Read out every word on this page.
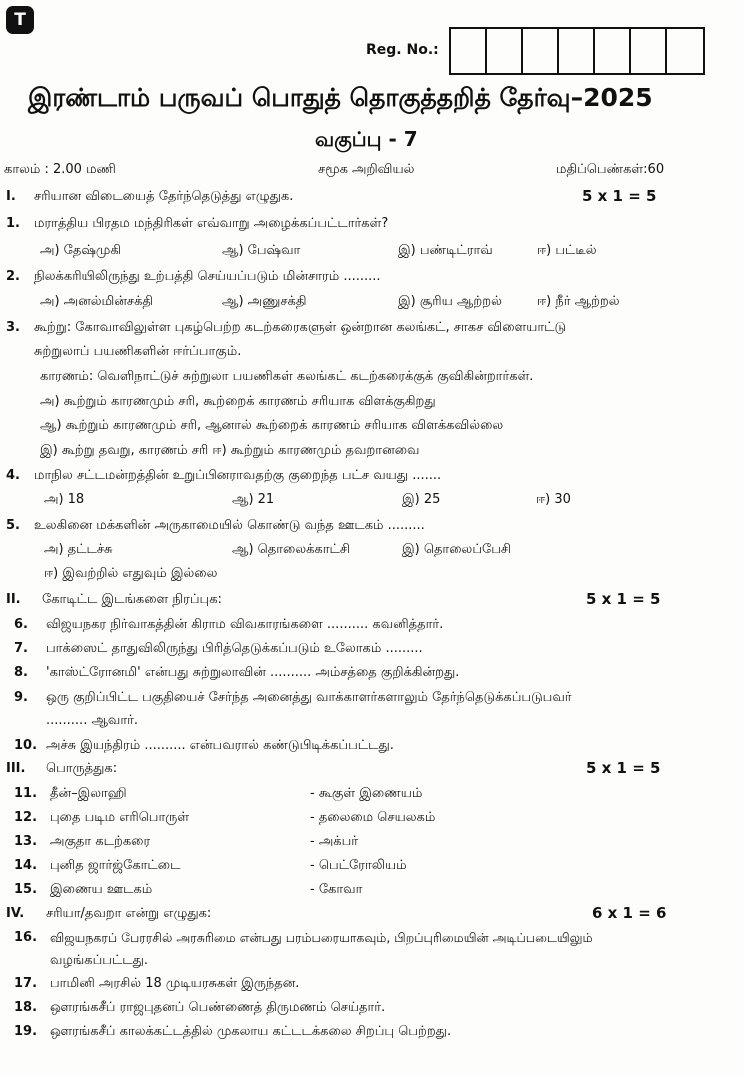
T
Reg. No.:
இரண்டாம் பருவப் பொதுத் தொகுத்தறித் தேர்வு–2025
வகுப்பு - 7
காலம் : 2.00 மணி	சமூக அறிவியல்	மதிப்பெண்கள்:60
I. சரியான விடையைத் தேர்ந்தெடுத்து எழுதுக.	5 x 1 = 5
1. மராத்திய பிரதம மந்திரிகள் எவ்வாறு அழைக்கப்பட்டார்கள்?
அ) தேஷ்முகி	ஆ) பேஷ்வா	இ) பண்டிட்ராவ்	ஈ) பட்டீல்
2. நிலக்கரியிலிருந்து உற்பத்தி செய்யப்படும் மின்சாரம் .........
அ) அனல்மின்சக்தி	ஆ) அணுசக்தி	இ) சூரிய ஆற்றல்	ஈ) நீர் ஆற்றல்
3. கூற்று: கோவாவிலுள்ள புகழ்பெற்ற கடற்கரைகளுள் ஒன்றான கலங்கட், சாகச விளையாட்டு
சுற்றுலாப் பயணிகளின் ஈர்ப்பாகும்.
காரணம்: வெளிநாட்டுச் சுற்றுலா பயணிகள் கலங்கட் கடற்கரைக்குக் குவிகின்றார்கள்.
அ) கூற்றும் காரணமும் சரி, கூற்றைக் காரணம் சரியாக விளக்குகிறது
ஆ) கூற்றும் காரணமும் சரி, ஆனால் கூற்றைக் காரணம் சரியாக விளக்கவில்லை
இ) கூற்று தவறு, காரணம் சரி ஈ) கூற்றும் காரணமும் தவறானவை
4. மாநில சட்டமன்றத்தின் உறுப்பினராவதற்கு குறைந்த பட்ச வயது .......
அ) 18	ஆ) 21	இ) 25	ஈ) 30
5. உலகினை மக்களின் அருகாமையில் கொண்டு வந்த ஊடகம் .........
அ) தட்டச்சு	ஆ) தொலைக்காட்சி	இ) தொலைப்பேசி
ஈ) இவற்றில் எதுவும் இல்லை
II. கோடிட்ட இடங்களை நிரப்புக:	5 x 1 = 5
6. விஜயநகர நிர்வாகத்தின் கிராம விவகாரங்களை .......... கவனித்தார்.
7. பாக்ஸைட் தாதுவிலிருந்து பிரித்தெடுக்கப்படும் உலோகம் .........
8. 'காஸ்ட்ரோனமி' என்பது சுற்றுலாவின் .......... அம்சத்தை குறிக்கின்றது.
9. ஒரு குறிப்பிட்ட பகுதியைச் சேர்ந்த அனைத்து வாக்காளர்களாலும் தேர்ந்தெடுக்கப்படுபவர்
.......... ஆவார்.
10. அச்சு இயந்திரம் .......... என்பவரால் கண்டுபிடிக்கப்பட்டது.
III. பொருத்துக:	5 x 1 = 5
11. தீன்–இலாஹி	- கூகுள் இணையம்
12. புதை படிம எரிபொருள்	- தலைமை செயலகம்
13. அகுதா கடற்கரை	- அக்பர்
14. புனித ஜார்ஜ்கோட்டை	- பெட்ரோலியம்
15. இணைய ஊடகம்	- கோவா
IV. சரியா/தவறா என்று எழுதுக:	6 x 1 = 6
16. விஜயநகரப் பேரரசில் அரசுரிமை என்பது பரம்பரையாகவும், பிறப்புரிமையின் அடிப்படையிலும்
வழங்கப்பட்டது.
17. பாமினி அரசில் 18 முடியரசுகள் இருந்தன.
18. ஔரங்கசீப் ராஜபுதனப் பெண்ணைத் திருமணம் செய்தார்.
19. ஔரங்கசீப் காலக்கட்டத்தில் முகலாய கட்டடக்கலை சிறப்பு பெற்றது.
